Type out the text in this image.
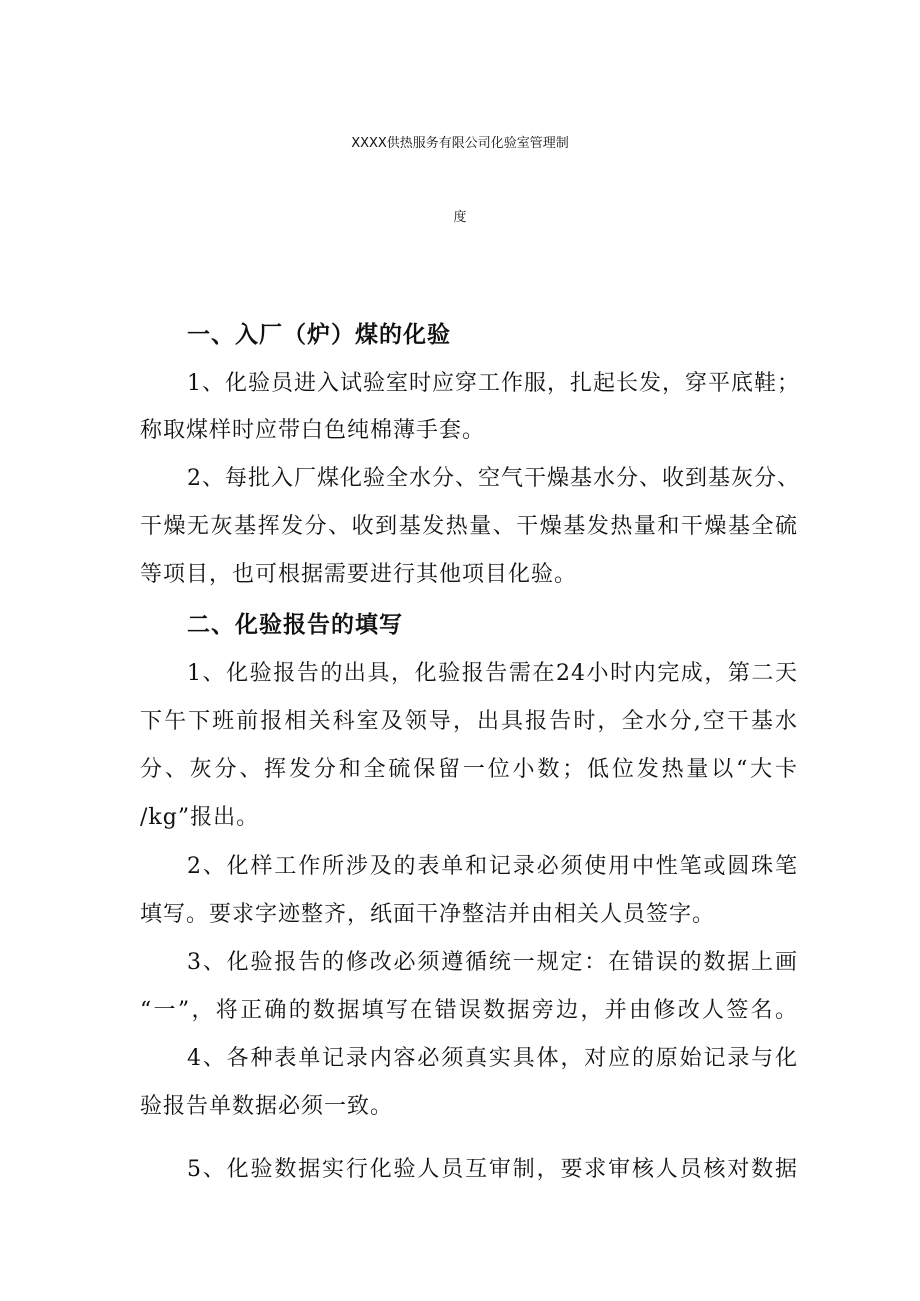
XXXX供热服务有限公司化验室管理制
度
一、入厂（炉）煤的化验
1、化验员进入试验室时应穿工作服，扎起长发，穿平底鞋；
称取煤样时应带白色纯棉薄手套。
2、每批入厂煤化验全水分、空气干燥基水分、收到基灰分、
干燥无灰基挥发分、收到基发热量、干燥基发热量和干燥基全硫
等项目，也可根据需要进行其他项目化验。
二、化验报告的填写
1、化验报告的出具，化验报告需在24小时内完成，第二天
下午下班前报相关科室及领导，出具报告时，全水分,空干基水
分、灰分、挥发分和全硫保留一位小数；低位发热量以“大卡
/kg”报出。
2、化样工作所涉及的表单和记录必须使用中性笔或圆珠笔
填写。要求字迹整齐，纸面干净整洁并由相关人员签字。
3、化验报告的修改必须遵循统一规定：在错误的数据上画
“一”，将正确的数据填写在错误数据旁边，并由修改人签名。
4、各种表单记录内容必须真实具体，对应的原始记录与化
验报告单数据必须一致。
5、化验数据实行化验人员互审制，要求审核人员核对数据
